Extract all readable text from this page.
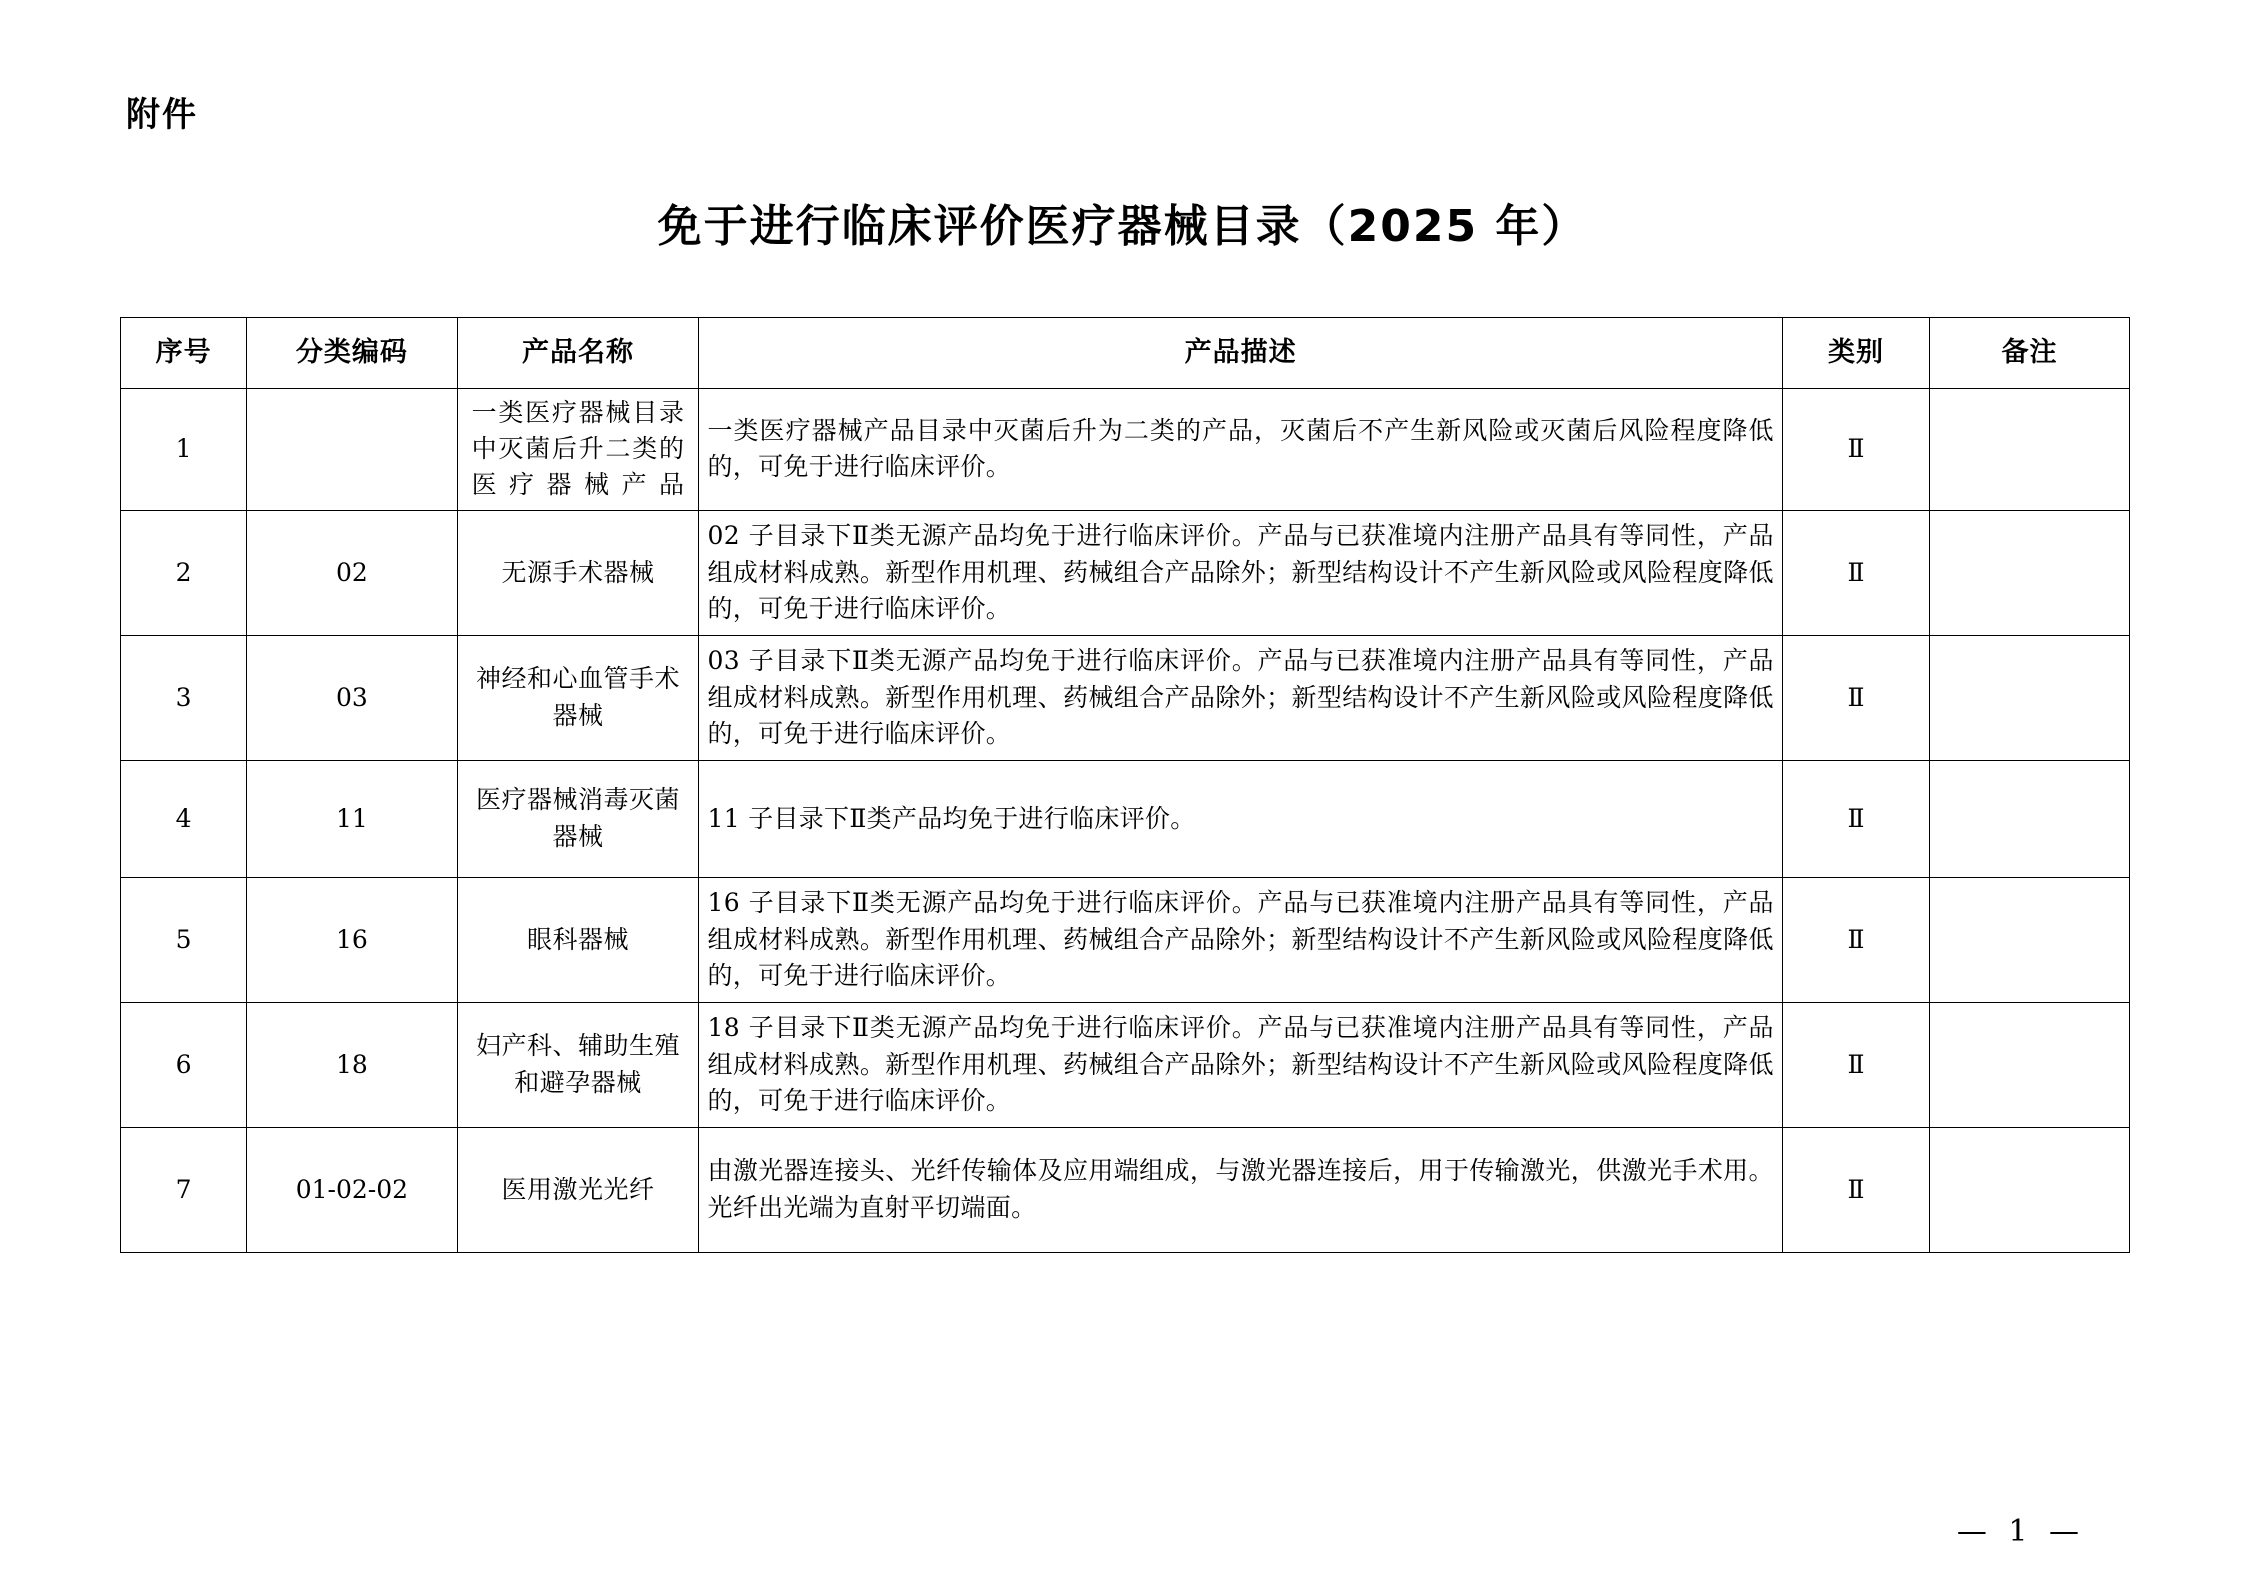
附件
免于进行临床评价医疗器械目录（2025 年）
序号	分类编码	产品名称	产品描述	类别	备注
1		一类医疗器械目录中灭菌后升二类的医疗器械产品	一类医疗器械产品目录中灭菌后升为二类的产品，灭菌后不产生新风险或灭菌后风险程度降低的，可免于进行临床评价。	Ⅱ	
2	02	无源手术器械	02 子目录下Ⅱ类无源产品均免于进行临床评价。产品与已获准境内注册产品具有等同性，产品组成材料成熟。新型作用机理、药械组合产品除外；新型结构设计不产生新风险或风险程度降低的，可免于进行临床评价。	Ⅱ	
3	03	神经和心血管手术器械	03 子目录下Ⅱ类无源产品均免于进行临床评价。产品与已获准境内注册产品具有等同性，产品组成材料成熟。新型作用机理、药械组合产品除外；新型结构设计不产生新风险或风险程度降低的，可免于进行临床评价。	Ⅱ	
4	11	医疗器械消毒灭菌器械	11 子目录下Ⅱ类产品均免于进行临床评价。	Ⅱ	
5	16	眼科器械	16 子目录下Ⅱ类无源产品均免于进行临床评价。产品与已获准境内注册产品具有等同性，产品组成材料成熟。新型作用机理、药械组合产品除外；新型结构设计不产生新风险或风险程度降低的，可免于进行临床评价。	Ⅱ	
6	18	妇产科、辅助生殖和避孕器械	18 子目录下Ⅱ类无源产品均免于进行临床评价。产品与已获准境内注册产品具有等同性，产品组成材料成熟。新型作用机理、药械组合产品除外；新型结构设计不产生新风险或风险程度降低的，可免于进行临床评价。	Ⅱ	
7	01-02-02	医用激光光纤	由激光器连接头、光纤传输体及应用端组成，与激光器连接后，用于传输激光，供激光手术用。光纤出光端为直射平切端面。	Ⅱ	
— 1 —
